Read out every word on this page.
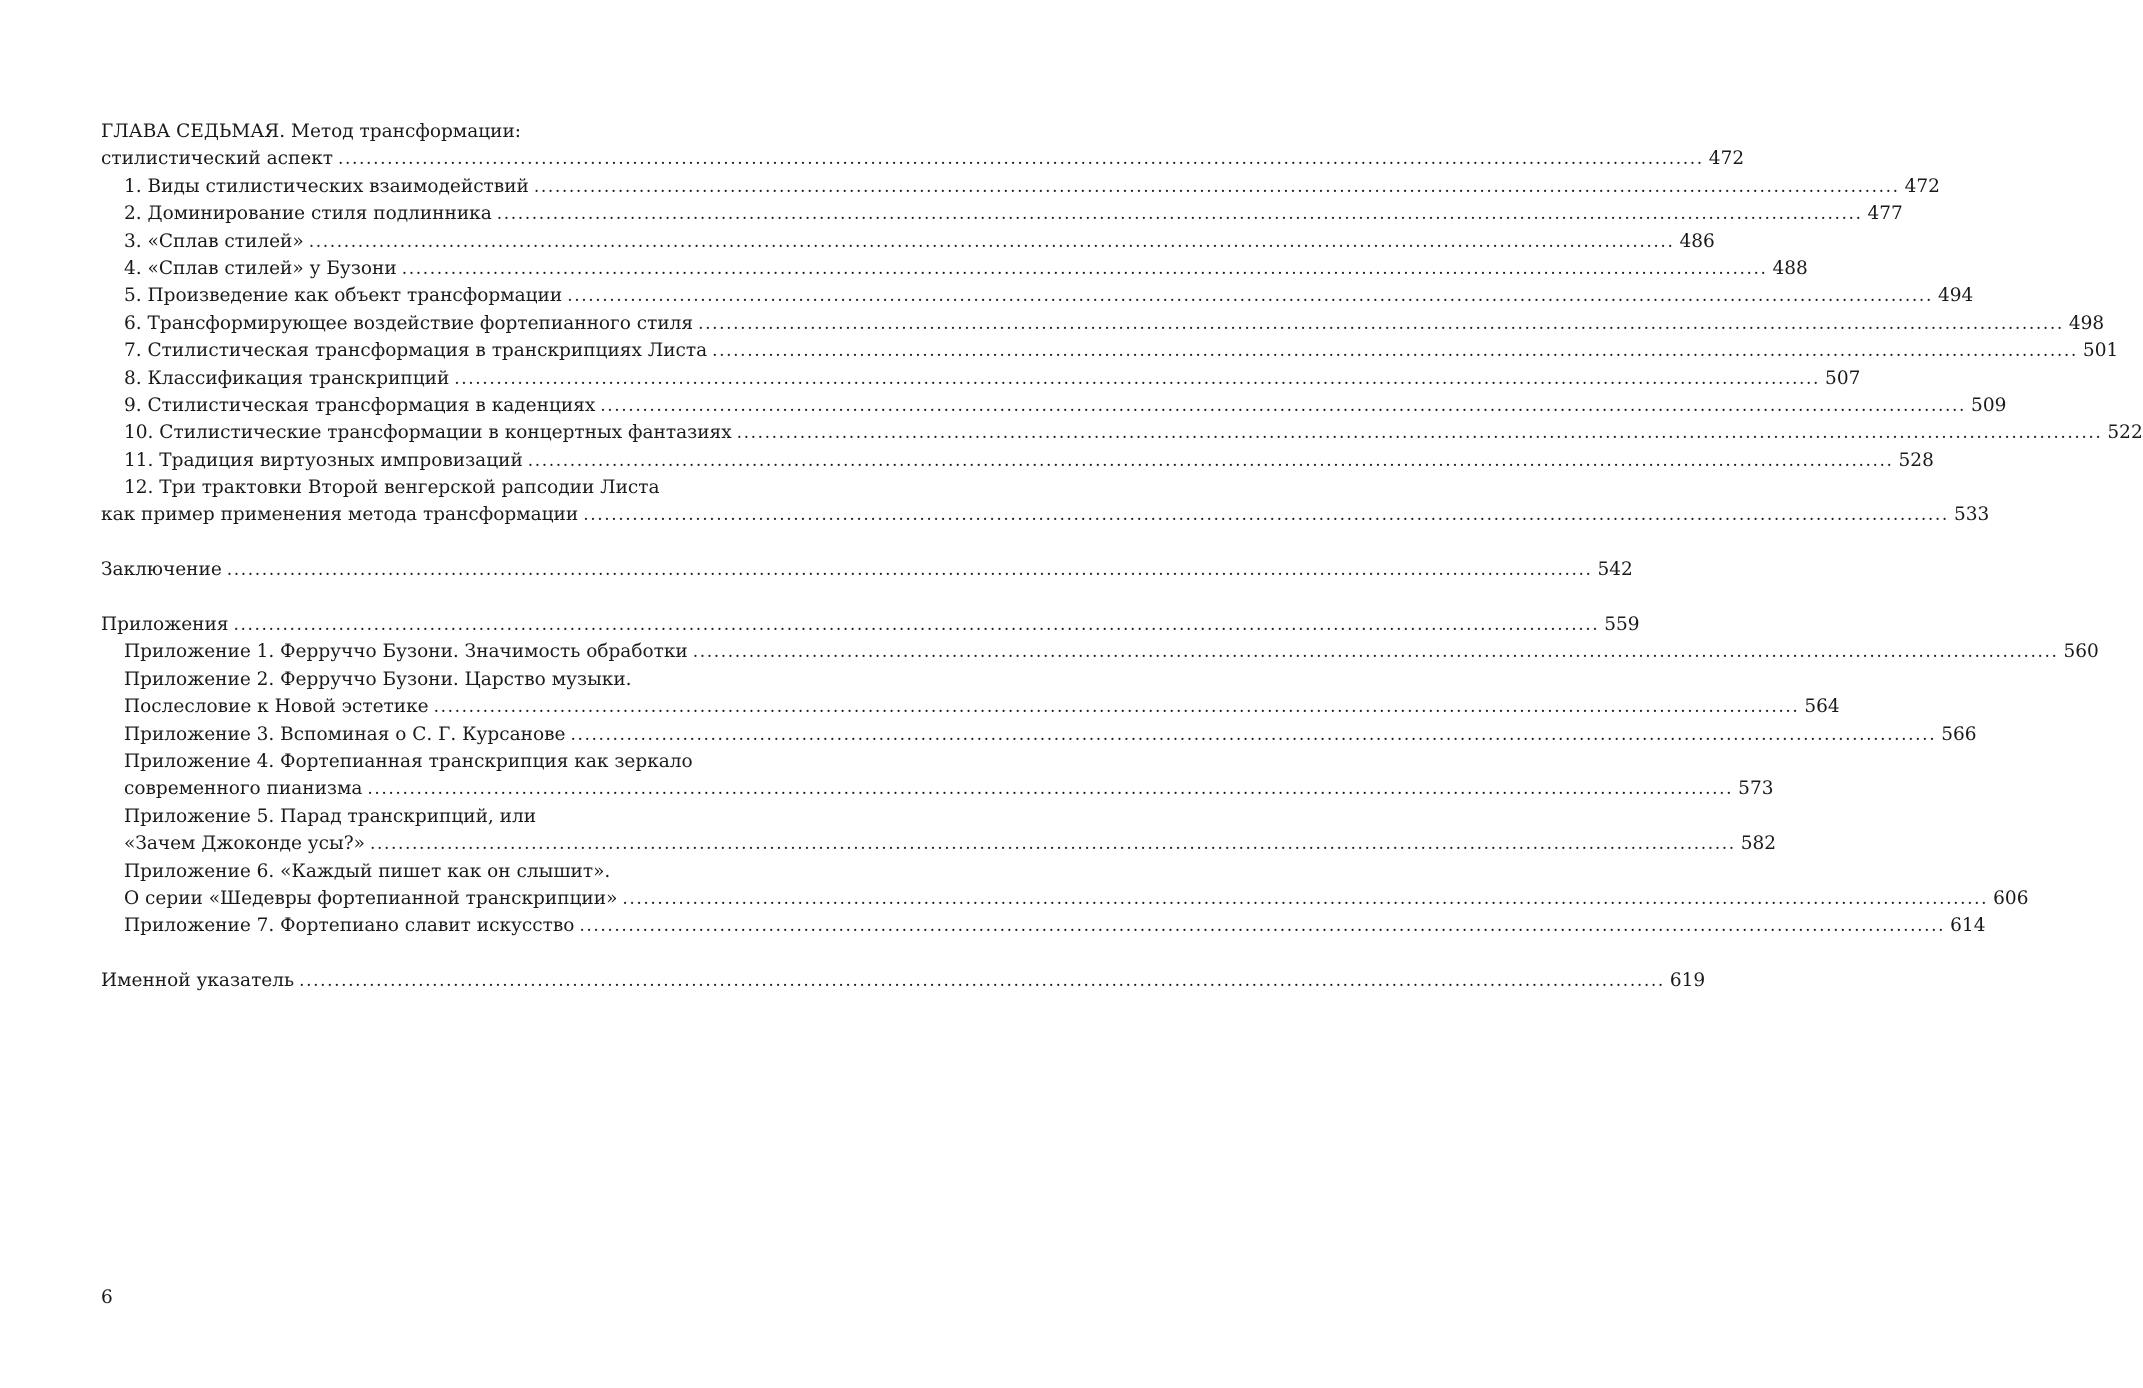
ГЛАВА СЕДЬМАЯ. Метод трансформации:
стилистический аспект .....	472
1. Виды стилистических взаимодействий .....	472
2. Доминирование стиля подлинника .....	477
3. «Сплав стилей» .....	486
4. «Сплав стилей» у Бузони .....	488
5. Произведение как объект трансформации .....	494
6. Трансформирующее воздействие фортепианного стиля .....	498
7. Стилистическая трансформация в транскрипциях Листа .....	501
8. Классификация транскрипций .....	507
9. Стилистическая трансформация в каденциях .....	509
10. Стилистические трансформации в концертных фантазиях .....	522
11. Традиция виртуозных импровизаций .....	528
12. Три трактовки Второй венгерской рапсодии Листа
как пример применения метода трансформации .....	533
Заключение .....	542
Приложения .....	559
Приложение 1. Ферруччо Бузони. Значимость обработки .....	560
Приложение 2. Ферруччо Бузони. Царство музыки.
Послесловие к Новой эстетике .....	564
Приложение 3. Вспоминая о С. Г. Курсанове .....	566
Приложение 4. Фортепианная транскрипция как зеркало
современного пианизма .....	573
Приложение 5. Парад транскрипций, или
«Зачем Джоконде усы?» .....	582
Приложение 6. «Каждый пишет как он слышит».
О серии «Шедевры фортепианной транскрипции» .....	606
Приложение 7. Фортепиано славит искусство .....	614
Именной указатель .....	619
6
